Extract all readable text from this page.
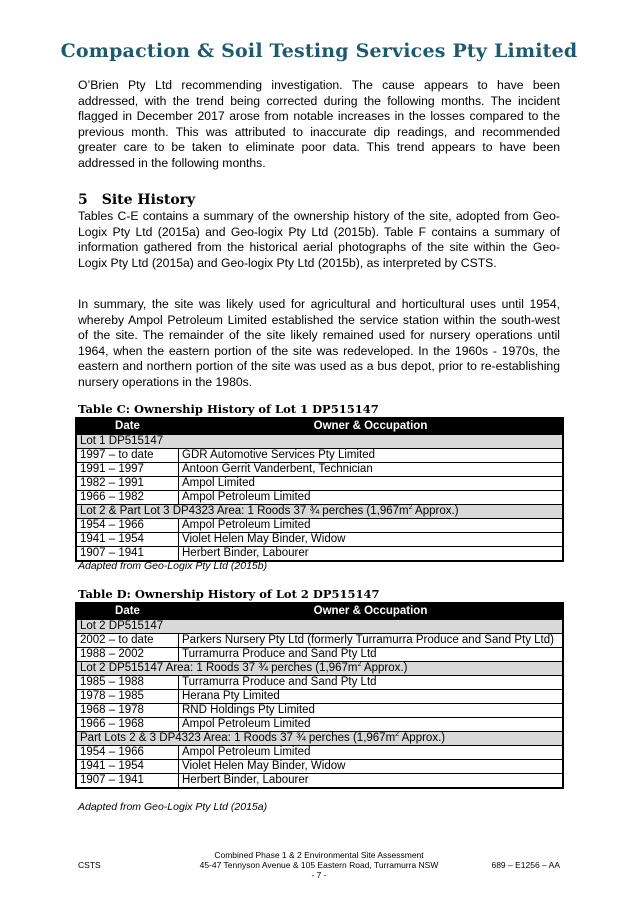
Compaction & Soil Testing Services Pty Limited

O’Brien Pty Ltd recommending investigation. The cause appears to have been addressed, with the trend being corrected during the following months. The incident flagged in December 2017 arose from notable increases in the losses compared to the previous month. This was attributed to inaccurate dip readings, and recommended greater care to be taken to eliminate poor data. This trend appears to have been addressed in the following months.

5 Site History

Tables C-E contains a summary of the ownership history of the site, adopted from Geo-Logix Pty Ltd (2015a) and Geo-logix Pty Ltd (2015b). Table F contains a summary of information gathered from the historical aerial photographs of the site within the Geo-Logix Pty Ltd (2015a) and Geo-logix Pty Ltd (2015b), as interpreted by CSTS.

In summary, the site was likely used for agricultural and horticultural uses until 1954, whereby Ampol Petroleum Limited established the service station within the south-west of the site. The remainder of the site likely remained used for nursery operations until 1964, when the eastern portion of the site was redeveloped. In the 1960s - 1970s, the eastern and northern portion of the site was used as a bus depot, prior to re-establishing nursery operations in the 1980s.

Table C: Ownership History of Lot 1 DP515147
Date	Owner & Occupation
Lot 1 DP515147	
1997 – to date	GDR Automotive Services Pty Limited
1991 – 1997	Antoon Gerrit Vanderbent, Technician
1982 – 1991	Ampol Limited
1966 – 1982	Ampol Petroleum Limited
Lot 2 & Part Lot 3 DP4323 Area: 1 Roods 37 ¾ perches ($1,967m^2$ Approx.)	
1954 – 1966	Ampol Petroleum Limited
1941 – 1954	Violet Helen May Binder, Widow
1907 – 1941	Herbert Binder, Labourer
Adapted from Geo-Logix Pty Ltd (2015b)
Table D: Ownership History of Lot 2 DP515147
Date	Owner & Occupation
Lot 2 DP515147	
2002 – to date	Parkers Nursery Pty Ltd (formerly Turramurra Produce and Sand Pty Ltd)
1988 – 2002	Turramurra Produce and Sand Pty Ltd
Lot 2 DP515147 Area: 1 Roods 37 ¾ perches ($1,967m^2$ Approx.)	
1985 – 1988	Turramurra Produce and Sand Pty Ltd
1978 – 1985	Herana Pty Limited
1968 – 1978	RND Holdings Pty Limited
1966 – 1968	Ampol Petroleum Limited
Part Lots 2 & 3 DP4323 Area: 1 Roods 37 ¾ perches ($1,967m^2$ Approx.)	
1954 – 1966	Ampol Petroleum Limited
1941 – 1954	Violet Helen May Binder, Widow
1907 – 1941	Herbert Binder, Labourer
Adapted from Geo-Logix Pty Ltd (2015a)
CSTS
Combined Phase 1 & 2 Environmental Site Assessment
45-47 Tennyson Avenue & 105 Eastern Road, Turramurra NSW
- 7 -
689 – E1256 – AA
